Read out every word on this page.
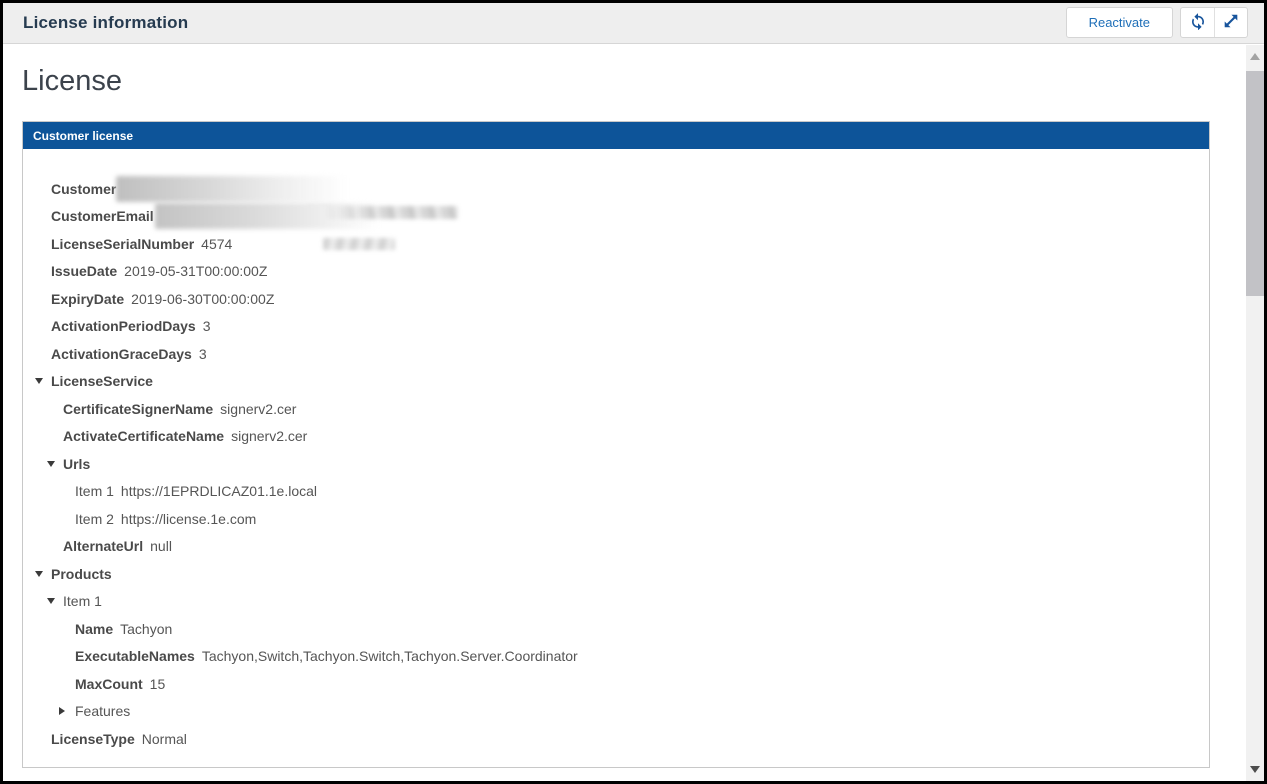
License information	Reactivate
License
Customer license
Customer
CustomerEmail
LicenseSerialNumber 4574
IssueDate 2019-05-31T00:00:00Z
ExpiryDate 2019-06-30T00:00:00Z
ActivationPeriodDays 3
ActivationGraceDays 3
LicenseService
CertificateSignerName signerv2.cer
ActivateCertificateName signerv2.cer
Urls
Item 1 https://1EPRDLICAZ01.1e.local
Item 2 https://license.1e.com
AlternateUrl null
Products
Item 1
Name Tachyon
ExecutableNames Tachyon,Switch,Tachyon.Switch,Tachyon.Server.Coordinator
MaxCount 15
Features
LicenseType Normal
